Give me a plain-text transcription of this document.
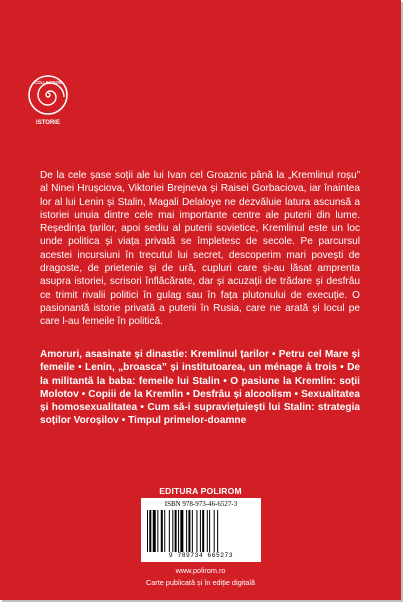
COLLECTION
ISTORIE

De la cele șase soții ale lui Ivan cel Groaznic până la „Kremlinul roșu” al Ninei Hrușciova, Viktoriei Brejneva și Raisei Gorbaciova, iar înaintea lor al lui Lenin și Stalin, Magali Delaloye ne dezvăluie latura ascunsă a istoriei unuia dintre cele mai importante centre ale puterii din lume. Reședința țarilor, apoi sediu al puterii sovietice, Kremlinul este un loc unde politica și viața privată se împletesc de secole. Pe parcursul acestei incursiuni în trecutul lui secret, descoperim mari povești de dragoste, de prietenie și de ură, cupluri care și-au lăsat amprenta asupra istoriei, scrisori înflăcărate, dar și acuzații de trădare și desfrâu ce trimit rivalii politici în gulag sau în fața plutonului de execuție. O pasionantă istorie privată a puterii în Rusia, care ne arată și locul pe care l-au femeile în politică.

Amoruri, asasinate și dinastie: Kremlinul țarilor • Petru cel Mare și femeile • Lenin, „broasca” și institutoarea, un ménage à trois • De la militantă la baba: femeile lui Stalin • O pasiune la Kremlin: soții Molotov • Copiii de la Kremlin • Desfrâu și alcoolism • Sexualitatea și homosexualitatea • Cum să-i supraviețuiești lui Stalin: strategia soților Voroșilov • Timpul primelor-doamne

EDITURA POLIROM
ISBN 978-973-46-6527-3
9 789734 665273
www.polirom.ro
Carte publicată și în ediție digitală
